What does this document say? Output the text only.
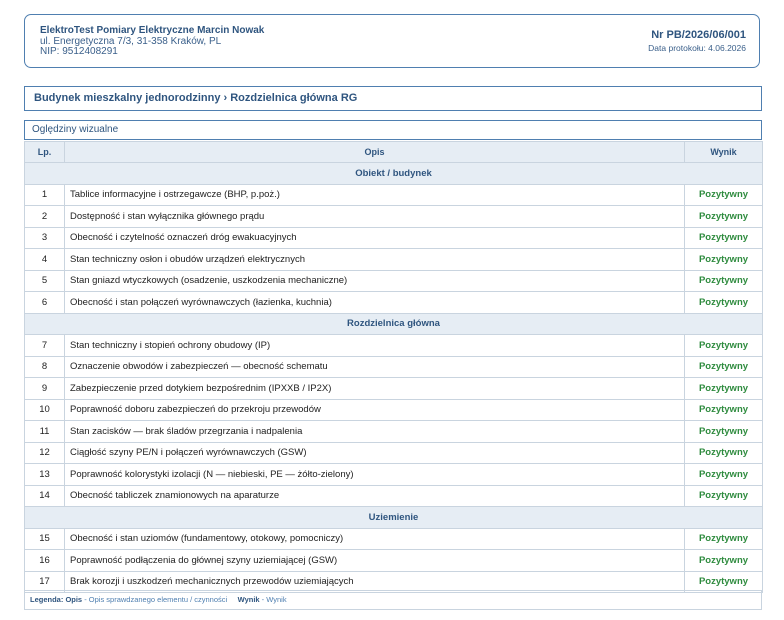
ElektroTest Pomiary Elektryczne Marcin Nowak
ul. Energetyczna 7/3, 31-358 Kraków, PL
NIP: 9512408291
Nr PB/2026/06/001
Data protokołu: 4.06.2026
Budynek mieszkalny jednorodzinny › Rozdzielnica główna RG
Oględziny wizualne
Lp.	Opis	Wynik
Obiekt / budynek		
1	Tablice informacyjne i ostrzegawcze (BHP, p.poż.)	Pozytywny
2	Dostępność i stan wyłącznika głównego prądu	Pozytywny
3	Obecność i czytelność oznaczeń dróg ewakuacyjnych	Pozytywny
4	Stan techniczny osłon i obudów urządzeń elektrycznych	Pozytywny
5	Stan gniazd wtyczkowych (osadzenie, uszkodzenia mechaniczne)	Pozytywny
6	Obecność i stan połączeń wyrównawczych (łazienka, kuchnia)	Pozytywny
Rozdzielnica główna		
7	Stan techniczny i stopień ochrony obudowy (IP)	Pozytywny
8	Oznaczenie obwodów i zabezpieczeń — obecność schematu	Pozytywny
9	Zabezpieczenie przed dotykiem bezpośrednim (IPXXB / IP2X)	Pozytywny
10	Poprawność doboru zabezpieczeń do przekroju przewodów	Pozytywny
11	Stan zacisków — brak śladów przegrzania i nadpalenia	Pozytywny
12	Ciągłość szyny PE/N i połączeń wyrównawczych (GSW)	Pozytywny
13	Poprawność kolorystyki izolacji (N — niebieski, PE — żółto-zielony)	Pozytywny
14	Obecność tabliczek znamionowych na aparaturze	Pozytywny
Uziemienie		
15	Obecność i stan uziomów (fundamentowy, otokowy, pomocniczy)	Pozytywny
16	Poprawność podłączenia do głównej szyny uziemiającej (GSW)	Pozytywny
17	Brak korozji i uszkodzeń mechanicznych przewodów uziemiających	Pozytywny
Legenda: Opis - Opis sprawdzanego elementu / czynności Wynik - Wynik
